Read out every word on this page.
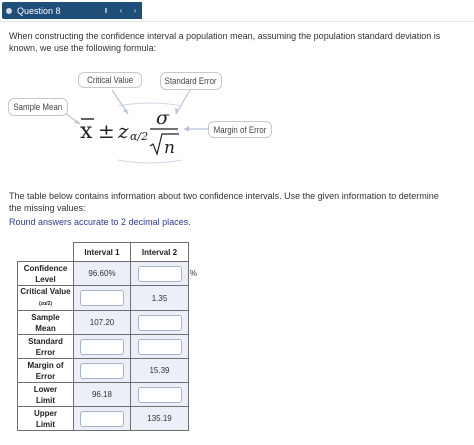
Question 8	‹ ›
When constructing the confidence interval a population mean, assuming the population standard deviation is known, we use the following formula:
x ± z α/2
σ
n
Critical Value	Standard Error
Sample Mean
Margin of Error
The table below contains information about two confidence intervals. Use the given information to determine the missing values:
Round answers accurate to 2 decimal places.
	Interval 1	Interval 2
Confidence
Level	96.60%	%

Critical Value
(zα/2)		1.35
Sample
Mean	107.20	
Standard
Error		
Margin of
Error		15.39
Lower
Limit	96.18	
Upper
Limit		135.19
